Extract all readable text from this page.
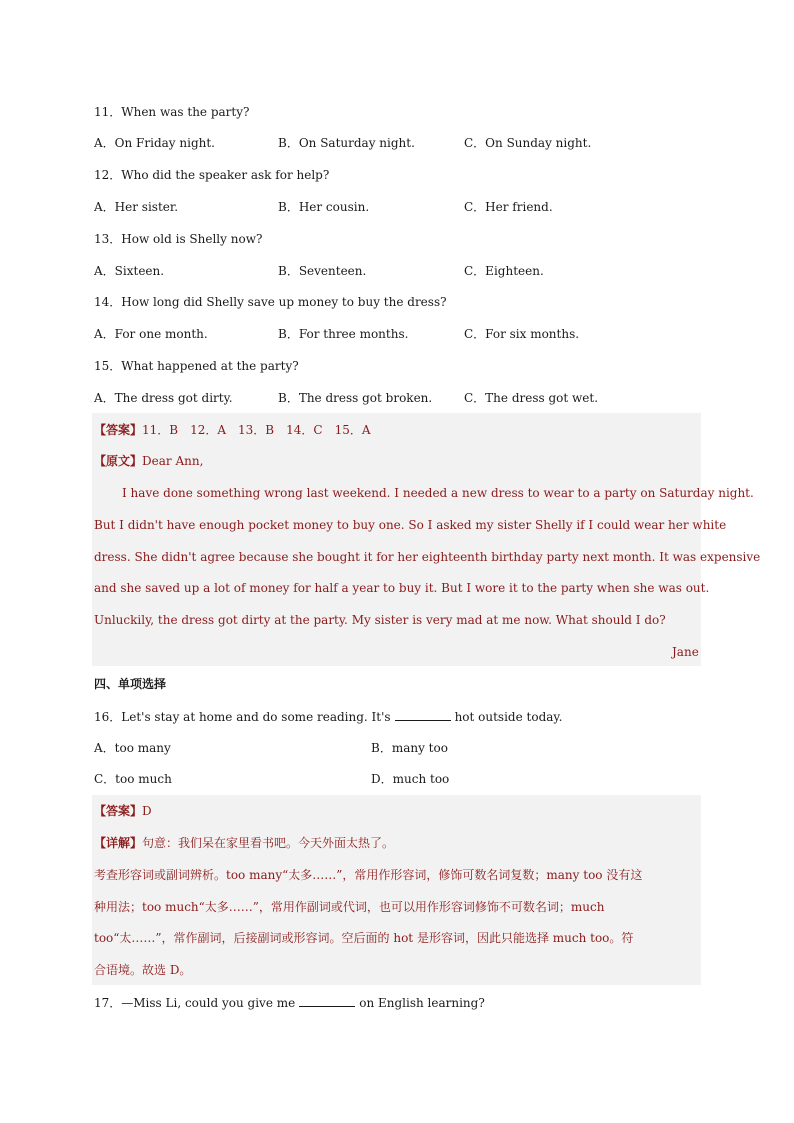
11．When was the party?
A．On Friday night.	B．On Saturday night.	C．On Sunday night.
12．Who did the speaker ask for help?
A．Her sister.	B．Her cousin.	C．Her friend.
13．How old is Shelly now?
A．Sixteen.	B．Seventeen.	C．Eighteen.
14．How long did Shelly save up money to buy the dress?
A．For one month.	B．For three months.	C．For six months.
15．What happened at the party?
A．The dress got dirty.	B．The dress got broken.	C．The dress got wet.
【答案】11．B　12．A　13．B　14．C　15．A
【原文】Dear Ann,
I have done something wrong last weekend. I needed a new dress to wear to a party on Saturday night.
But I didn't have enough pocket money to buy one. So I asked my sister Shelly if I could wear her white
dress. She didn't agree because she bought it for her eighteenth birthday party next month. It was expensive
and she saved up a lot of money for half a year to buy it. But I wore it to the party when she was out.
Unluckily, the dress got dirty at the party. My sister is very mad at me now. What should I do?
Jane
四、单项选择
16．Let's stay at home and do some reading. It's	hot outside today.
A．too many	B．many too
C．too much	D．much too
【答案】D
【详解】句意：我们呆在家里看书吧。今天外面太热了。
考查形容词或副词辨析。too many“太多……”，常用作形容词，修饰可数名词复数；many too 没有这
种用法；too much“太多……”，常用作副词或代词，也可以用作形容词修饰不可数名词；much
too“太……”，常作副词，后接副词或形容词。空后面的 hot 是形容词，因此只能选择 much too。符
合语境。故选 D。
17．—Miss Li, could you give me	on English learning?
